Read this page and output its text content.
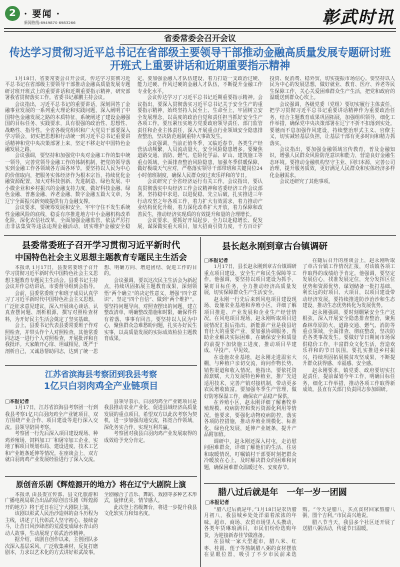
2 · 要闻 ·
新闻热线:6949870 6983266	彰武时讯
省委常委会召开会议
传达学习贯彻习近平总书记在省部级主要领导干部推动金融高质量发展专题研讨班
开班式上重要讲话和近期重要指示精神

1月18日，省委常委会召开会议，传达学习贯彻习近平总书记在省部级主要领导干部推动金融高质量发展专题研讨班开班式上的重要讲话和近期重要指示精神，研究部署我省贯彻落实工作。省委书记郝鹏主持会议。

会议指出，习近平总书记的重要讲话，深刻回答了金融事业发展的一系列重大理论和实践问题，深入阐明了中国特色金融发展之路的本质特征，系统阐述了建设金融强国的目标任务、实践要求，具有很强的政治性、思想性、战略性、指导性。全省各级党组织和广大党员干部要深入学习领会，切实把思想和行动统一到习近平总书记重要讲话精神和党中央决策部署上来，坚定不移走好中国特色金融发展之路。

会议强调，要坚持和加强党中央对金融工作的集中统一领导，完善党领导金融工作的体制机制，把党的领导落实到金融工作各领域各方面各环节。要坚持以人民为中心的价值取向，把服务实体经济作为根本宗旨，持续优化金融资源配置，加大对科技创新、先进制造、绿色发展、中小微企业和乡村振兴的金融支持力度，做好科技金融、绿色金融、普惠金融、养老金融、数字金融五篇大文章，为辽宁全面振兴新突破提供有力金融支撑。

会议要求，要统筹发展和安全，牢牢守住不发生系统性金融风险的底线，稳妥有序推进地方中小金融机构改革化险，深化农信社改革，全面加强金融监管，依法严厉打击非法集资等违法违规金融活动，切实维护金融安全稳定。要加强金融人才队伍建设，着力打造一支政治过硬、能力过硬、作风过硬的金融人才队伍，不断提升金融工作专业化水平。

会议传达学习了习近平总书记近期重要指示精神。会议指出，要深入贯彻落实习近平总书记关于安全生产的重要指示精神，始终坚持人民至上、生命至上，牢固树立安全发展理念，以高度的政治自觉和责任担当抓好安全生产各项工作。要压紧压实地方党委政府领导责任、部门监管责任和企业主体责任，深入开展重点行业领域安全隐患排查整治，坚决防范遏制重特大事故发生。

会议强调，当前正值冬季，又临近春节，各类生产经营活动频繁，人员流动量大，安全风险隐患增多。要聚焦道路交通、消防、燃气、危险化学品、矿山、建筑施工等重点领域，全面排查整治风险隐患，加强冬季供暖保障，做好极端天气应对，严格落实领导干部带班和关键岗位24小时值班制度，确保人民群众度过欢乐祥和的节日。

会议研究了全省经济运行有关工作。会议指出，要认真贯彻落实中央经济工作会议精神和省委经济工作会议部署，坚持稳中求进、以进促稳、先立后破，扎实推进三年行动攻坚之年各项工作，着力扩大有效需求，着力推动产业结构优化升级，着力深化改革扩大开放，着力保障和改善民生，推动经济实现质的有效提升和量的合理增长。

会议要求，要抓好开局起步，全力以赴稳增长、促发展，谋深做实重大项目，加大招商引资力度，千方百计扩投资、促消费、稳外贸，切实提振市场信心。要坚持以人民为中心的发展思想，做好就业、教育、医疗、养老等民生保障工作，关心关爱困难群众生产生活，把党和政府的温暖送到群众心坎上。

会议强调，各级党委（党组）要切实履行主体责任，把学习贯彻习近平总书记重要讲话精神作为重要政治任务，结合主题教育成果巩固拓展，加强组织领导，细化工作举措，确保党中央决策部署在辽宁不折不扣落到实处。要驰而不息加强作风建设，持续整治形式主义、官僚主义，切实减轻基层负担，让基层干部有更多时间和精力抓落实。

会议指出，要加强金融领域宣传教育，普及金融知识，增强人民群众风险防范意识和能力，营造良好金融生态环境。要推动金融机构坚守主业、回归本源，完善公司治理，提升服务质效，更好满足人民群众和实体经济多样化金融需求。

会议还研究了其他事项。

县委常委班子召开学习贯彻习近平新时代
中国特色社会主义思想主题教育专题民主生活会

本报讯 1月17日，县委常委班子召开学习贯彻习近平新时代中国特色社会主义思想主题教育专题民主生活会。县委书记主持会议并作总结讲话。市委督导组到会指导。

会前，县委常委班子和班子成员认真学习了习近平新时代中国特色社会主义思想，广泛征求意见建议，深入开展谈心谈话，认真查摆问题、剖析根源，撰写对照检查材料，为开好民主生活会奠定了坚实基础。

会上，县委书记代表县委常委班子作对照检查，并带头作个人对照检查。其他常委同志逐一进行个人对照检查，开展批评和自我批评。大家敞开心扉、坦诚相见，既严于剖析自己，又诚恳帮助同志，达到了统一思想、明确方向、增进团结、促进工作的目的。

会议强调，要以这次民主生活会为新起点，持续巩固拓展主题教育成果，深刻领悟“两个确立”的决定性意义，增强“四个意识”、坚定“四个自信”、做到“两个维护”。要坚持问题导向，对照查摆出的问题，建立整改清单，明确整改措施和时限，确保件件有着落、事事有回音。要坚持以人民为中心，聚焦群众急难愁盼问题，扎实办好民生实事，以高质量发展的实际成效检验主题教育成果。

江苏省滨海县考察团到我县考察
1亿只白羽肉鸡全产业链项目
□本报记者

1月17日，江苏省滨海县考察团一行到我县考察1亿只白羽肉鸡全产业链项目，双方围绕产业合作、项目建设等进行深入交流。县领导陪同考察。

考察团一行先后深入项目建设现场、种鸡养殖场、饲料加工厂和屠宰加工企业，实地了解项目规划布局、建设进度、技术工艺和产业链条延伸等情况。在座谈会上，双方就白羽肉鸡产业发展经验进行了深入交流。

县领导表示，白羽肉鸡全产业链项目是我县推动农业产业化、促进县域经济高质量发展的重点项目。希望双方以此次考察为契机，进一步加强沟通交流，拓宽合作领域，深化务实合作，实现互利共赢。

考察团对我县白羽肉鸡产业发展取得的成效给予充分肯定。

原创音乐剧《辉煌源开的地方》将在辽宁大剧院上演

本报讯 由县委宣传部、县文化旅游和广播电视局联合出品的原创音乐剧《辉煌源开的地方》将于近日在辽宁大剧院上演。

该剧以彰武人民治沙造林的奋斗历程为主线，讲述了几代彰武人坚守初心、接续奋斗，让昔日风沙肆虐的荒漠变成绿水青山的动人故事，生动展现了彰武治沙精神。

据介绍，该剧自创作以来，主创团队多次深入基层采风，广泛收集素材，反复打磨剧本，力求以艺术化的方式讲好彰武故事。全剧融合了音乐、舞蹈、戏剧等多种艺术形式，旋律优美，情节感人。

此次登上省级舞台，将进一步提升我县文化软实力和知名度。

县长赵永刚到章古台镇调研
□本报记者

1月17日，县长赵永刚到章古台镇调研重点项目建设、安全生产和民生保障等工作。他强调，要坚持以项目建设为抓手，紧盯目标任务，全力推动经济高质量发展，切实保障群众生产生活安全。

赵永刚一行先后来到风电项目建设现场、设施农业基地和养殖小区，详细了解项目推进、产业发展和企业生产经营情况。在风电项目现场，赵永刚听取项目进展情况汇报后指出，新能源产业是我县培育壮大的重要产业，要加强协调服务，帮助企业解决实际困难，在确保安全和质量的前提下加快施工进度，推动项目早建成、早投产、早见效。

在设施农业基地，赵永刚走进温室大棚，与种植户亲切交流，询问作物长势、销售渠道和收入情况。他指出，要依托资源禀赋，大力发展特色种植业，推广先进适用技术，完善产销对接机制，带动更多农民增收致富。要加强冬季生产管理，做好防寒保温工作，确保农产品稳产保供。

在养殖小区，赵永刚详细了解畜牧养殖规模、疫病防控和粪污资源化利用等情况。他要求，要强化动物疫病防控，落实各项防控措施，推动养殖业规模化、标准化、绿色化发展，延伸产业链条，提升产品附加值。

调研中，赵永刚还深入村屯，走访慰问困难群众，详细了解他们的生活、住房和取暖情况，叮嘱镇村干部要时刻把群众冷暖放在心上，及时解决群众的困难和问题，确保困难群众温暖过冬、安度春节。

在随后召开的座谈会上，赵永刚听取了章古台镇工作情况汇报，对该镇各项工作取得的成绩给予肯定。他强调，要坚定发展信心，找准发展定位，充分发挥区位优势和资源优势，谋划储备一批打基础、利长远的好项目、大项目，以项目建设带动经济发展。要持续推进防沙治沙和生态建设，推动生态优势转化为发展优势。

赵永刚强调，要时刻绷紧安全生产这根弦，深入开展安全隐患排查整治，聚焦森林草原防火、道路交通、燃气、消防等重点领域，全面排查、彻底整改，坚决防范各类事故发生。要做好节日期间市场保供稳价工作，丰富群众文化生活，营造欢乐祥和的节日氛围。要扎实推进乡村振兴，持续巩固拓展脱贫攻坚成果，不断提升群众获得感、幸福感、安全感。

赵永刚要求，镇党委、政府要切实扛起责任，提前谋划今年工作，明确目标任务，细化工作举措，推动各项工作取得新成效。县直有关部门负责同志参加调研。

腊八过后就是年　一年一岁一团圆
□本报记者

“腊八过后就是年。”1月18日是农历腊月初八，我县城乡处处洋溢着浓浓的年味。超市、商场、农贸市场里人头攒动，各类年货琳琅满目，市民们纷纷选购年货，为迎接新春佳节做准备。

在县城一家大型超市，腊八米、红枣、桂圆、莲子等熬制腊八粥的食材摆放在显眼位置，吸引了不少市民前来选购。“今天是腊八，买点食材回家熬腊八粥，图个吉利。”市民高兴地说。

腊八节当天，我县多个社区还开展了送腊八粥活动，传递节日温暖。
